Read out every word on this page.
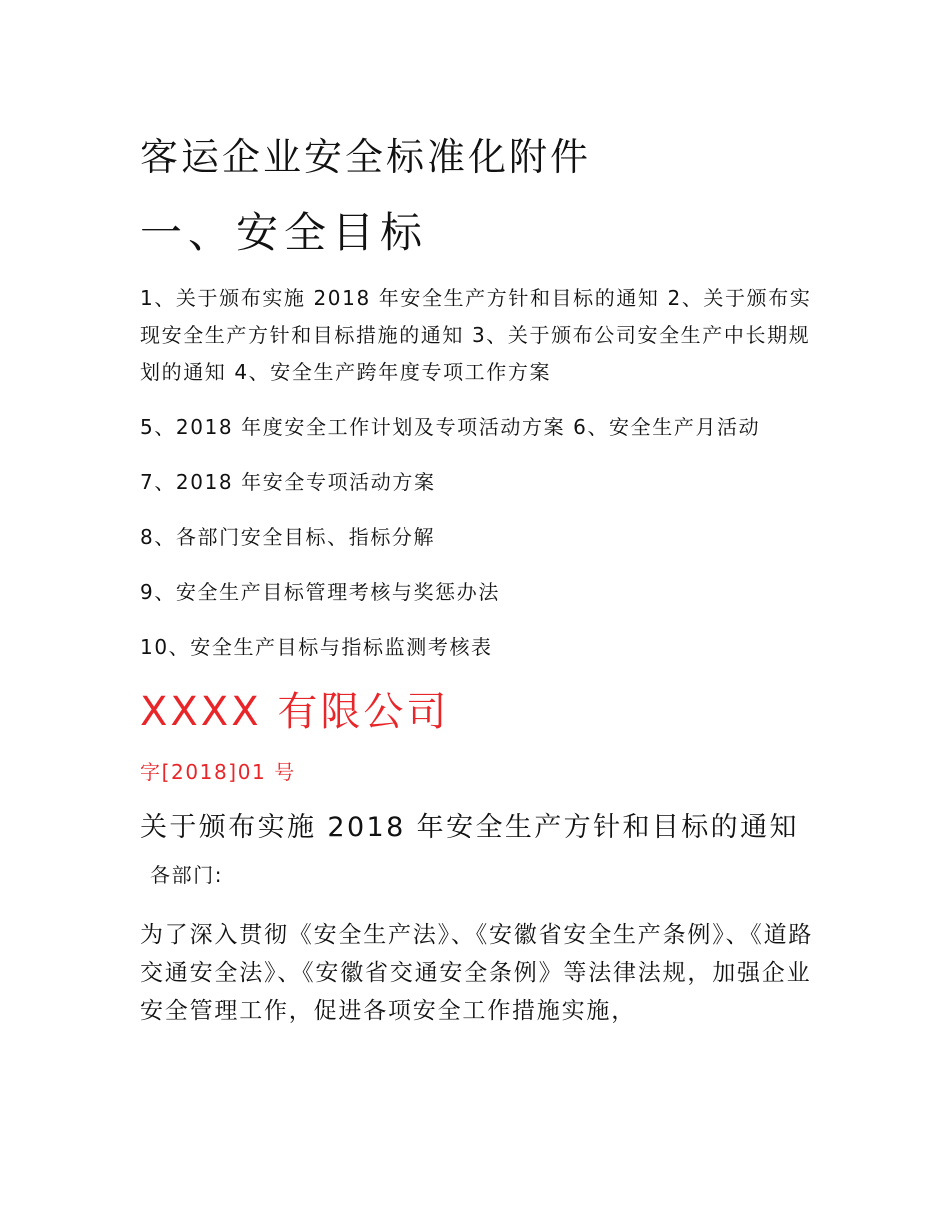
客运企业安全标准化附件
一、安全目标
1、关于颁布实施 2018 年安全生产方针和目标的通知 2、关于颁布实现安全生产方针和目标措施的通知 3、关于颁布公司安全生产中长期规划的通知 4、安全生产跨年度专项工作方案
5、2018 年度安全工作计划及专项活动方案 6、安全生产月活动
7、2018 年安全专项活动方案
8、各部门安全目标、指标分解
9、安全生产目标管理考核与奖惩办法
10、安全生产目标与指标监测考核表
XXXX 有限公司
字[2018]01 号
关于颁布实施 2018 年安全生产方针和目标的通知各部门:
为了深入贯彻《安全生产法》、《安徽省安全生产条例》、《道路交通安全法》、《安徽省交通安全条例》等法律法规，加强企业安全管理工作，促进各项安全工作措施实施，
